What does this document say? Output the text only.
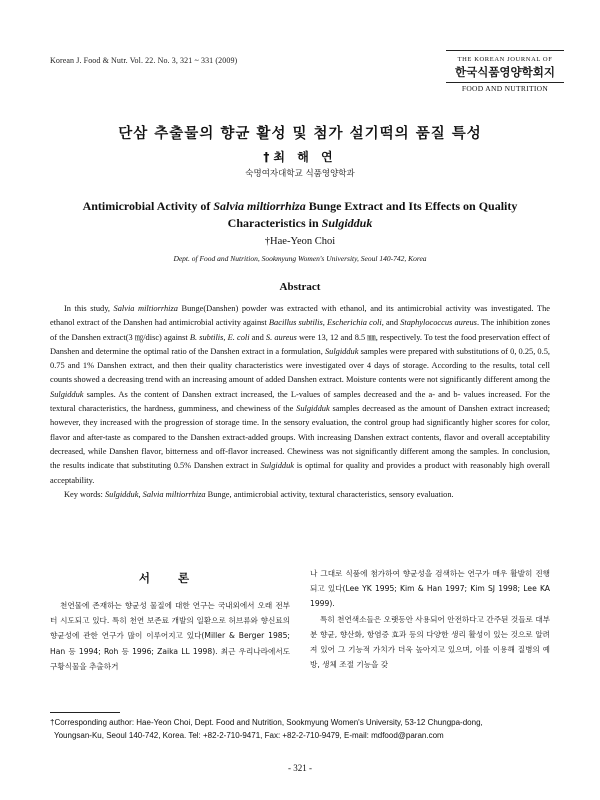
Korean J. Food & Nutr. Vol. 22. No. 3, 321 ~ 331 (2009)	THE KOREAN JOURNAL OF
한국식품영양학회지
FOOD AND NUTRITION
단삼 추출물의 향균 활성 및 첨가 설기떡의 품질 특성
†최 해 연
숙명여자대학교 식품영양학과
Antimicrobial Activity of Salvia miltiorrhiza Bunge Extract and Its Effects on Quality Characteristics in Sulgidduk
†Hae-Yeon Choi
Dept. of Food and Nutrition, Sookmyung Women's University, Seoul 140-742, Korea
Abstract

In this study, Salvia miltiorrhiza Bunge(Danshen) powder was extracted with ethanol, and its antimicrobial activity was investigated. The ethanol extract of the Danshen had antimicrobial activity against Bacillus subtilis, Escherichia coli, and Staphylococcus aureus. The inhibition zones of the Danshen extract(3 ㎎/disc) against B. subtilis, E. coli and S. aureus were 13, 12 and 8.5 ㎜, respectively. To test the food preservation effect of Danshen and determine the optimal ratio of the Danshen extract in a formulation, Sulgidduk samples were prepared with substitutions of 0, 0.25, 0.5, 0.75 and 1% Danshen extract, and then their quality characteristics were investigated over 4 days of storage. According to the results, total cell counts showed a decreasing trend with an increasing amount of added Danshen extract. Moisture contents were not significantly different among the Sulgidduk samples. As the content of Danshen extract increased, the L-values of samples decreased and the a- and b- values increased. For the textural characteristics, the hardness, gumminess, and chewiness of the Sulgidduk samples decreased as the amount of Danshen extract increased; however, they increased with the progression of storage time. In the sensory evaluation, the control group had significantly higher scores for color, flavor and after-taste as compared to the Danshen extract-added groups. With increasing Danshen extract contents, flavor and overall acceptability decreased, while Danshen flavor, bitterness and off-flavor increased. Chewiness was not significantly different among the samples. In conclusion, the results indicate that substituting 0.5% Danshen extract in Sulgidduk is optimal for quality and provides a product with reasonably high overall acceptability.

Key words: Sulgidduk, Salvia miltiorrhiza Bunge, antimicrobial activity, textural characteristics, sensory evaluation.

서 론

천연물에 존재하는 향균성 물질에 대한 연구는 국내외에서 오래 전부터 시도되고 있다. 특히 천연 보존료 개발의 일환으로 허브류와 향신료의 향균성에 관한 연구가 많이 이루어지고 있다(Miller & Berger 1985; Han 등 1994; Roh 등 1996; Zaika LL 1998). 최근 우리나라에서도 구황식물을 추출하거

나 그대로 식품에 첨가하여 향균성을 검색하는 연구가 매우 활발히 진행되고 있다(Lee YK 1995; Kim & Han 1997; Kim SJ 1998; Lee KA 1999).

특히 천연색소들은 오랫동안 사용되어 안전하다고 간주된 것들로 대부분 향균, 향산화, 항염증 효과 등의 다양한 생리 활성이 있는 것으로 알려져 있어 그 기능적 가치가 더욱 높아지고 있으며, 이를 이용해 질병의 예방, 생체 조절 기능을 갖

†Corresponding author: Hae-Yeon Choi, Dept. Food and Nutrition, Sookmyung Women's University, 53-12 Chungpa-dong,
Youngsan-Ku, Seoul 140-742, Korea. Tel: +82-2-710-9471, Fax: +82-2-710-9479, E-mail: mdfood@paran.com
- 321 -
